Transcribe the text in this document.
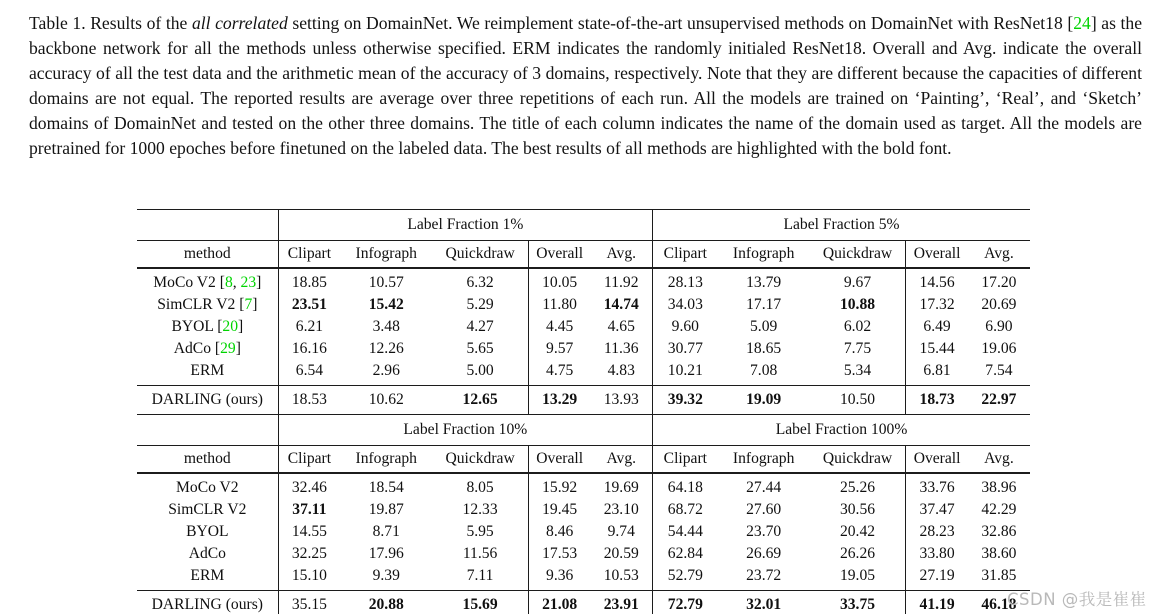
Table 1. Results of the all correlated setting on DomainNet. We reimplement state-of-the-art unsupervised methods on DomainNet with ResNet18 [24] as the backbone network for all the methods unless otherwise specified. ERM indicates the randomly initialed ResNet18. Overall and Avg. indicate the overall accuracy of all the test data and the arithmetic mean of the accuracy of 3 domains, respectively. Note that they are different because the capacities of different domains are not equal. The reported results are average over three repetitions of each run. All the models are trained on ‘Painting’, ‘Real’, and ‘Sketch’ domains of DomainNet and tested on the other three domains. The title of each column indicates the name of the domain used as target. All the models are pretrained for 1000 epoches before finetuned on the labeled data. The best results of all methods are highlighted with the bold font.
	Label Fraction 1%					Label Fraction 5%				
method	Clipart	Infograph	Quickdraw	Overall	Avg.	Clipart	Infograph	Quickdraw	Overall	Avg.
MoCo V2 [8, 23]	18.85	10.57	6.32	10.05	11.92	28.13	13.79	9.67	14.56	17.20
SimCLR V2 [7]	23.51	15.42	5.29	11.80	14.74	34.03	17.17	10.88	17.32	20.69
BYOL [20]	6.21	3.48	4.27	4.45	4.65	9.60	5.09	6.02	6.49	6.90
AdCo [29]	16.16	12.26	5.65	9.57	11.36	30.77	18.65	7.75	15.44	19.06
ERM	6.54	2.96	5.00	4.75	4.83	10.21	7.08	5.34	6.81	7.54
DARLING (ours)	18.53	10.62	12.65	13.29	13.93	39.32	19.09	10.50	18.73	22.97
	Label Fraction 10%					Label Fraction 100%				
method	Clipart	Infograph	Quickdraw	Overall	Avg.	Clipart	Infograph	Quickdraw	Overall	Avg.
MoCo V2	32.46	18.54	8.05	15.92	19.69	64.18	27.44	25.26	33.76	38.96
SimCLR V2	37.11	19.87	12.33	19.45	23.10	68.72	27.60	30.56	37.47	42.29
BYOL	14.55	8.71	5.95	8.46	9.74	54.44	23.70	20.42	28.23	32.86
AdCo	32.25	17.96	11.56	17.53	20.59	62.84	26.69	26.26	33.80	38.60
ERM	15.10	9.39	7.11	9.36	10.53	52.79	23.72	19.05	27.19	31.85
DARLING (ours)	35.15	20.88	15.69	21.08	23.91	72.79	32.01	33.75	41.19	46.18
CSDN @我是崔崔
